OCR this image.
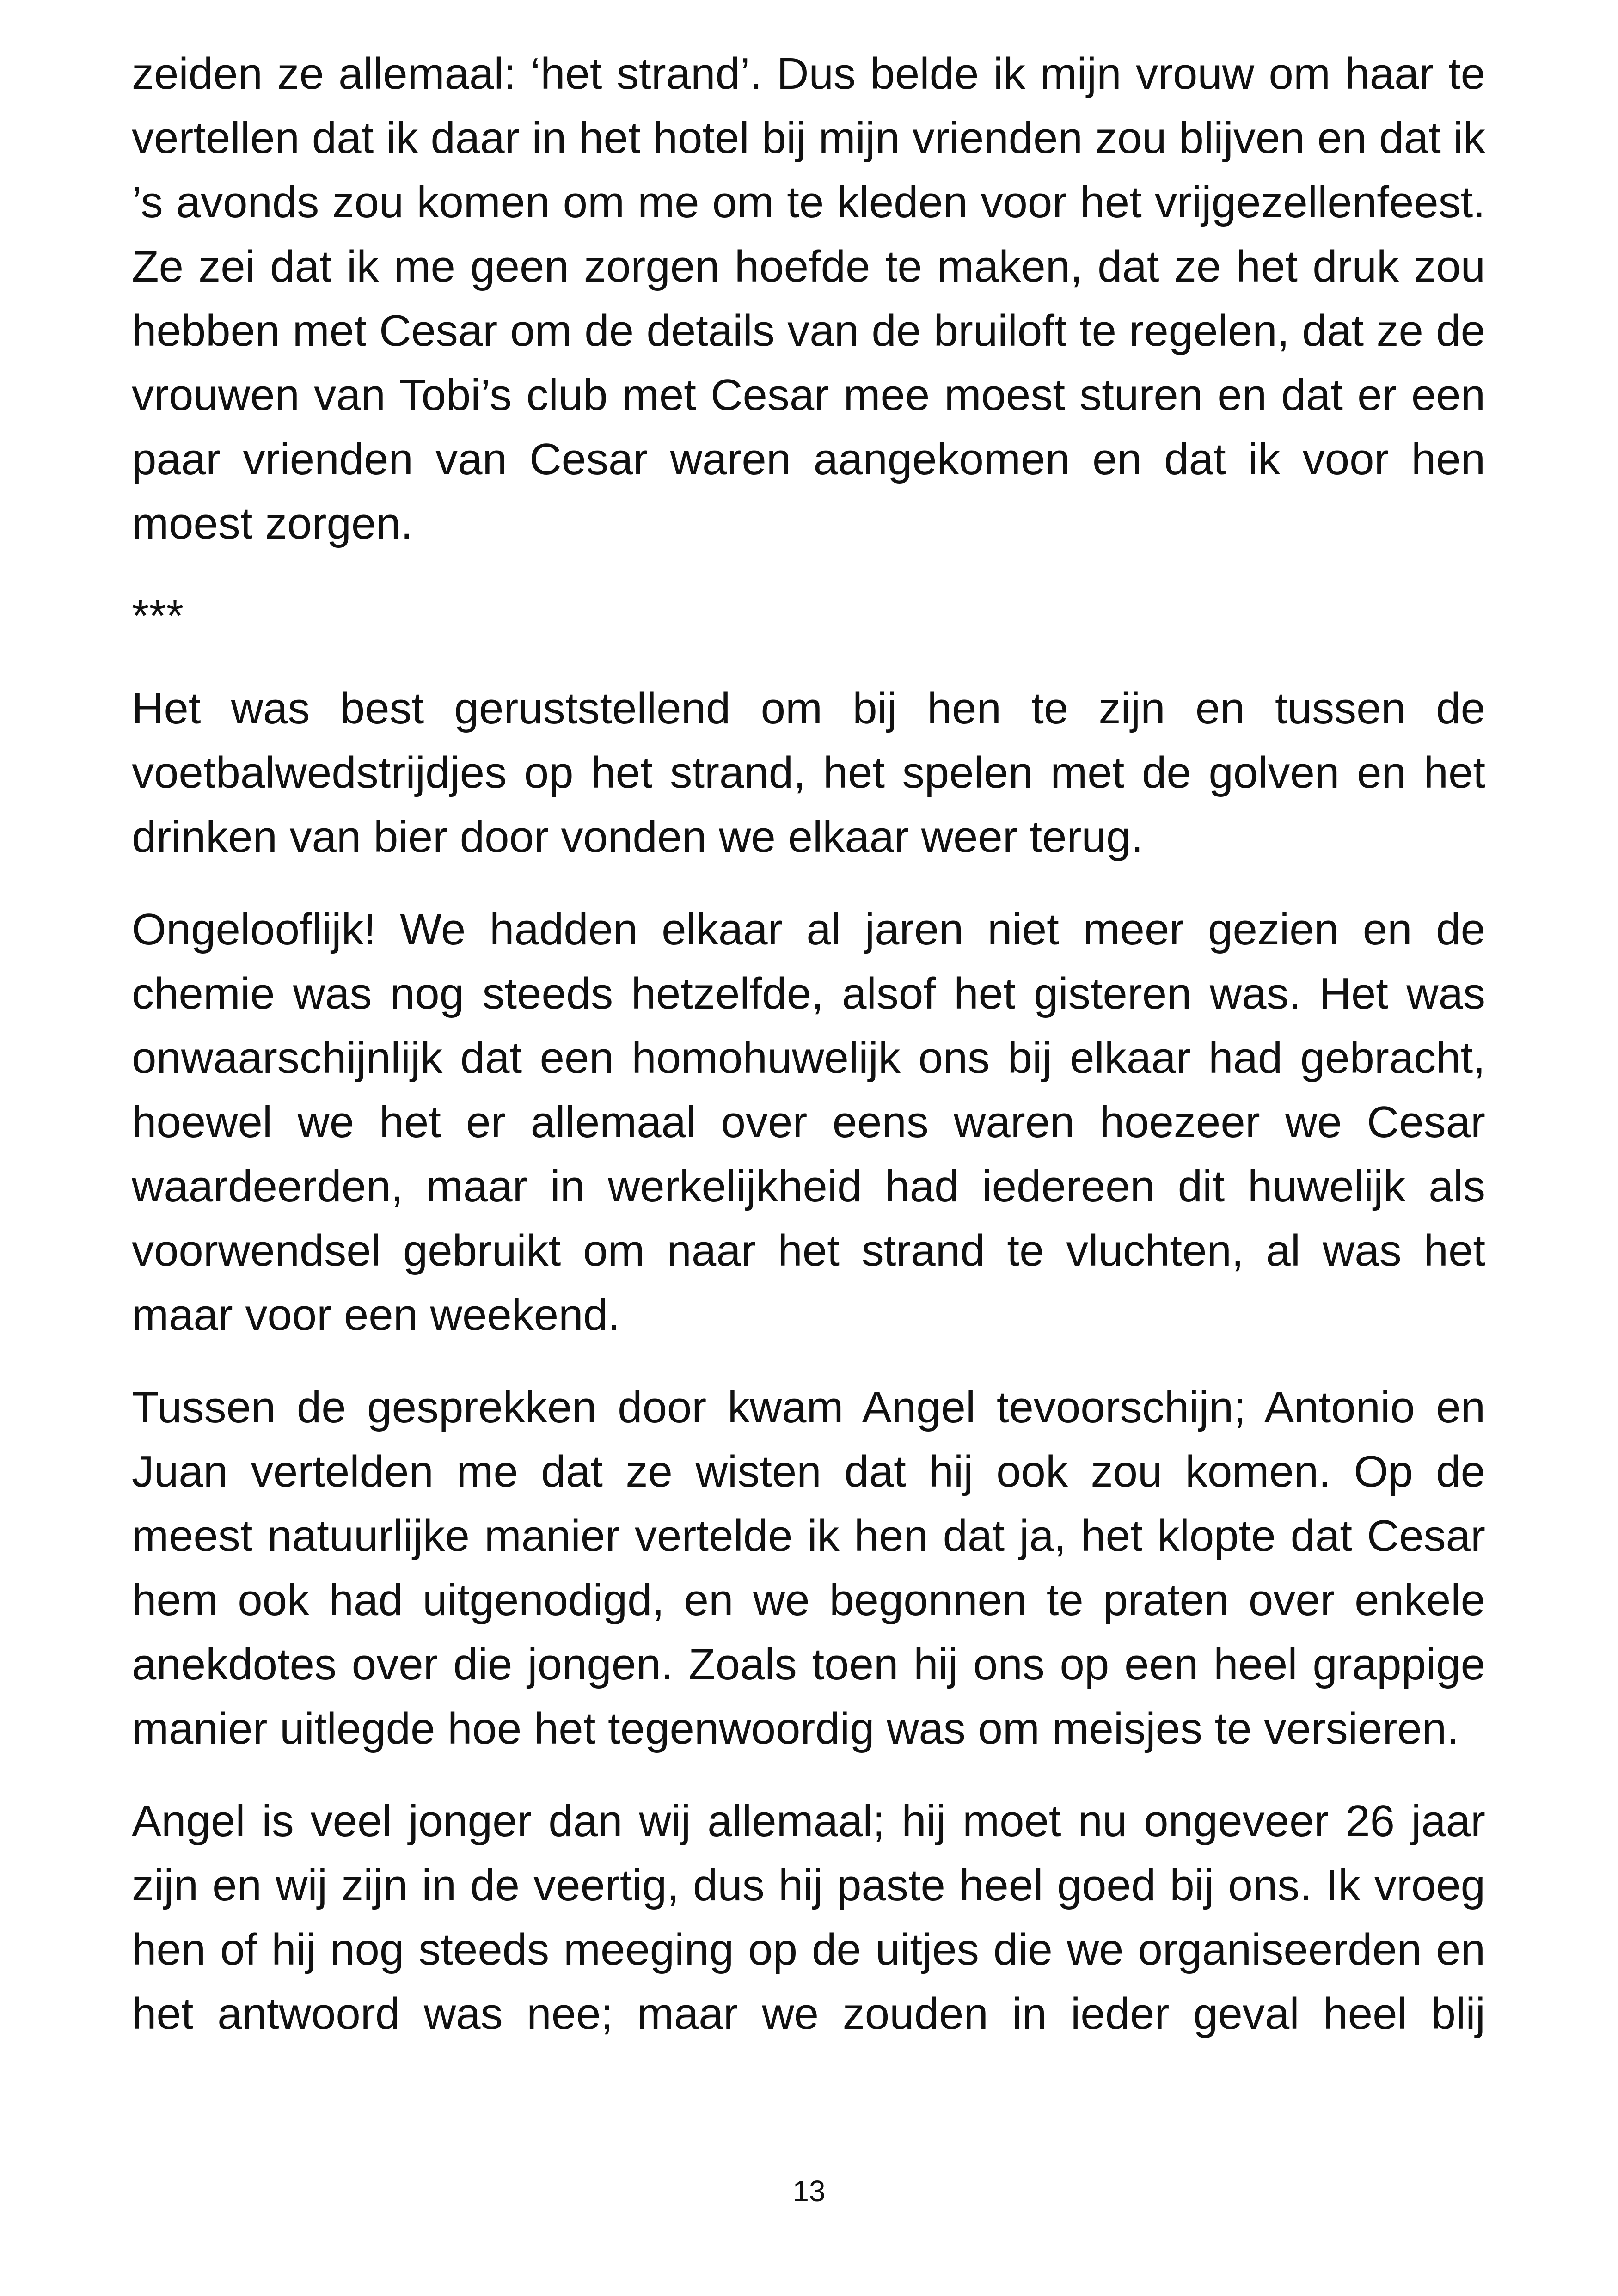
zeiden ze allemaal: ‘het strand’. Dus belde ik mijn vrouw om haar te vertellen dat ik daar in het hotel bij mijn vrienden zou blijven en dat ik ’s avonds zou komen om me om te kleden voor het vrijgezellenfeest. Ze zei dat ik me geen zorgen hoefde te maken, dat ze het druk zou hebben met Cesar om de details van de bruiloft te regelen, dat ze de vrouwen van Tobi’s club met Cesar mee moest sturen en dat er een paar vrienden van Cesar waren aangekomen en dat ik voor hen moest zorgen.

***

Het was best geruststellend om bij hen te zijn en tussen de voetbalwedstrijdjes op het strand, het spelen met de golven en het drinken van bier door vonden we elkaar weer terug.

Ongelooflijk! We hadden elkaar al jaren niet meer gezien en de chemie was nog steeds hetzelfde, alsof het gisteren was. Het was onwaarschijnlijk dat een homohuwelijk ons bij elkaar had gebracht, hoewel we het er allemaal over eens waren hoezeer we Cesar waardeerden, maar in werkelijkheid had iedereen dit huwelijk als voorwendsel gebruikt om naar het strand te vluchten, al was het maar voor een weekend.

Tussen de gesprekken door kwam Angel tevoorschijn; Antonio en Juan vertelden me dat ze wisten dat hij ook zou komen. Op de meest natuurlijke manier vertelde ik hen dat ja, het klopte dat Cesar hem ook had uitgenodigd, en we begonnen te praten over enkele anekdotes over die jongen. Zoals toen hij ons op een heel grappige manier uitlegde hoe het tegenwoordig was om meisjes te versieren.

Angel is veel jonger dan wij allemaal; hij moet nu ongeveer 26 jaar zijn en wij zijn in de veertig, dus hij paste heel goed bij ons. Ik vroeg hen of hij nog steeds meeging op de uitjes die we organiseerden en het antwoord was nee; maar we zouden in ieder geval heel blij

13
